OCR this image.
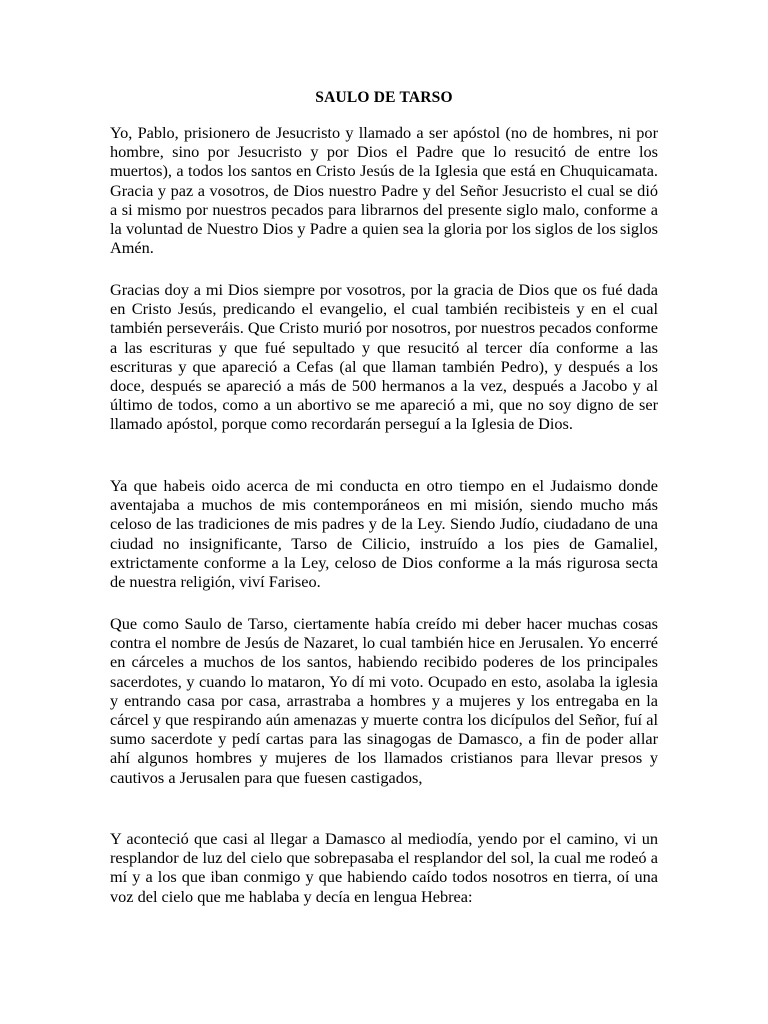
SAULO DE TARSO

Yo, Pablo, prisionero de Jesucristo y llamado a ser apóstol (no de hombres, ni por hombre, sino por Jesucristo y por Dios el Padre que lo resucitó de entre los muertos), a todos los santos en Cristo Jesús de la Iglesia que está en Chuquicamata. Gracia y paz a vosotros, de Dios nuestro Padre y del Señor Jesucristo el cual se dió a si mismo por nuestros pecados para librarnos del presente siglo malo, conforme a la voluntad de Nuestro Dios y Padre a quien sea la gloria por los siglos de los siglos Amén.

Gracias doy a mi Dios siempre por vosotros, por la gracia de Dios que os fué dada en Cristo Jesús, predicando el evangelio, el cual también recibisteis y en el cual también perseveráis. Que Cristo murió por nosotros, por nuestros pecados conforme a las escrituras y que fué sepultado y que resucitó al tercer día conforme a las escrituras y que apareció a Cefas (al que llaman también Pedro), y después a los doce, después se apareció a más de 500 hermanos a la vez, después a Jacobo y al último de todos, como a un abortivo se me apareció a mi, que no soy digno de ser llamado apóstol, porque como recordarán perseguí a la Iglesia de Dios.

Ya que habeis oido acerca de mi conducta en otro tiempo en el Judaismo donde aventajaba a muchos de mis contemporáneos en mi misión, siendo mucho más celoso de las tradiciones de mis padres y de la Ley. Siendo Judío, ciudadano de una ciudad no insignificante, Tarso de Cilicio, instruído a los pies de Gamaliel, extrictamente conforme a la Ley, celoso de Dios conforme a la más rigurosa secta de nuestra religión, viví Fariseo.

Que como Saulo de Tarso, ciertamente había creído mi deber hacer muchas cosas contra el nombre de Jesús de Nazaret, lo cual también hice en Jerusalen. Yo encerré en cárceles a muchos de los santos, habiendo recibido poderes de los principales sacerdotes, y cuando lo mataron, Yo dí mi voto. Ocupado en esto, asolaba la iglesia y entrando casa por casa, arrastraba a hombres y a mujeres y los entregaba en la cárcel y que respirando aún amenazas y muerte contra los dicípulos del Señor, fuí al sumo sacerdote y pedí cartas para las sinagogas de Damasco, a fin de poder allar ahí algunos hombres y mujeres de los llamados cristianos para llevar presos y cautivos a Jerusalen para que fuesen castigados,

Y aconteció que casi al llegar a Damasco al mediodía, yendo por el camino, vi un resplandor de luz del cielo que sobrepasaba el resplandor del sol, la cual me rodeó a mí y a los que iban conmigo y que habiendo caído todos nosotros en tierra, oí una voz del cielo que me hablaba y decía en lengua Hebrea:
